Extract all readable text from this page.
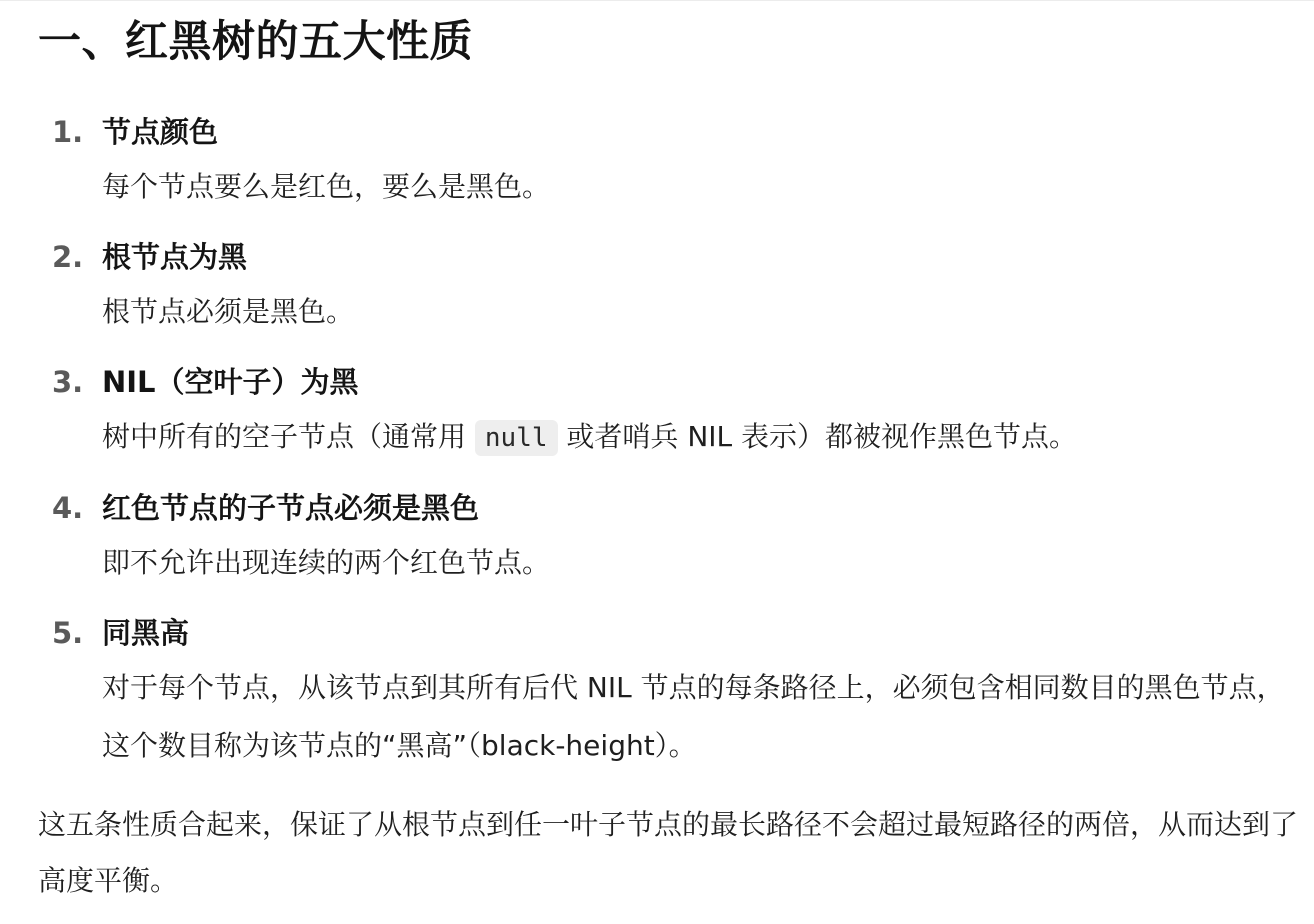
一、红黑树的五大性质
1. 节点颜色
每个节点要么是红色，要么是黑色。
2. 根节点为黑
根节点必须是黑色。
3. NIL（空叶子）为黑
树中所有的空子节点（通常用 null 或者哨兵 NIL 表示）都被视作黑色节点。
4. 红色节点的子节点必须是黑色
即不允许出现连续的两个红色节点。
5. 同黑高
对于每个节点，从该节点到其所有后代 NIL 节点的每条路径上，必须包含相同数目的黑色节点，这个数目称为该节点的“黑高”（black-height）。

这五条性质合起来，保证了从根节点到任一叶子节点的最长路径不会超过最短路径的两倍，从而达到了高度平衡。
